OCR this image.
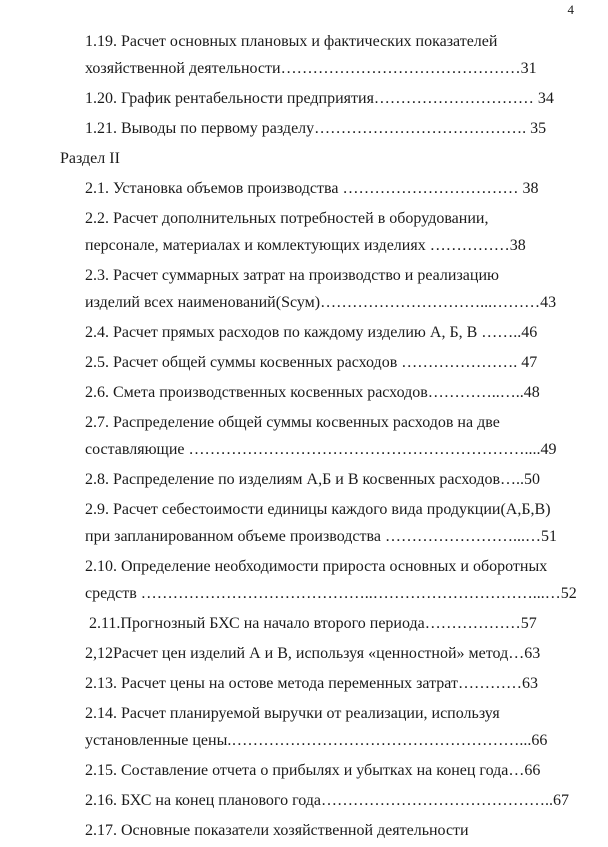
4

1.19. Расчет основных плановых и фактических показателей
хозяйственной деятельности………………………………………31

1.20. График рентабельности предприятия………………………… 34

1.21. Выводы по первому разделу…………………………………. 35

Раздел II

2.1. Установка объемов производства …………………………… 38

2.2. Расчет дополнительных потребностей в оборудовании,
персонале, материалах и комлектующих изделиях ……………38

2.3. Расчет суммарных затрат на производство и реализацию
изделий всех наименований(Sсум)…………………………...………43

2.4. Расчет прямых расходов по каждому изделию А, Б, В ……..46

2.5. Расчет общей суммы косвенных расходов …………………. 47

2.6. Смета производственных косвенных расходов…………..…..48

2.7. Распределение общей суммы косвенных расходов на две
составляющие ………………………………………………………....49

2.8. Распределение по изделиям А,Б и В косвенных расходов…..50

2.9. Расчет себестоимости единицы каждого вида продукции(А,Б,В)
при запланированном объеме производства ……………………...…51

2.10. Определение необходимости прироста основных и оборотных
средств ……………………………………..…………………………...…52

2.11.Прогнозный БХС на начало второго периода………………57

2,12Расчет цен изделий А и В, используя «ценностной» метод…63

2.13. Расчет цены на остове метода переменных затрат…………63

2.14. Расчет планируемой выручки от реализации, используя
установленные цены.………………………………………………...66

2.15. Составление отчета о прибылях и убытках на конец года…66

2.16. БХС на конец планового года……………………………………..67

2.17. Основные показатели хозяйственной деятельности
